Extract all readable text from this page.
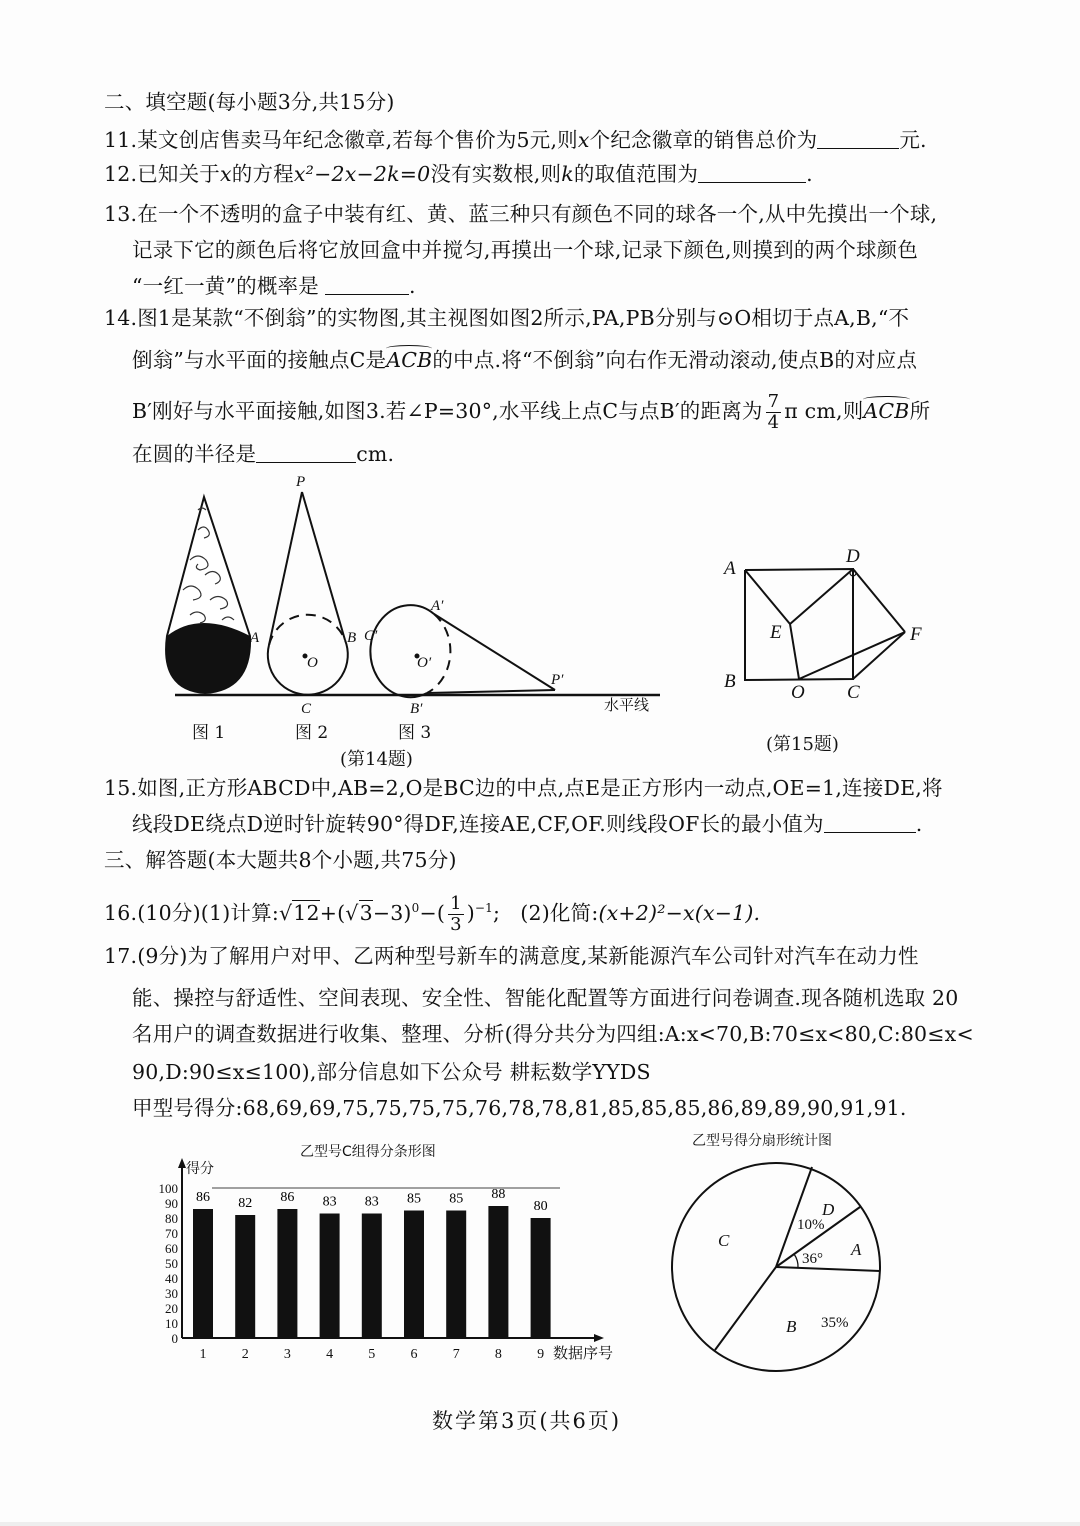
二、填空题(每小题3分,共15分)
11.某文创店售卖马年纪念徽章,若每个售价为5元,则x个纪念徽章的销售总价为	元.
12.已知关于x的方程x²−2x−2k=0没有实数根,则k的取值范围为	.
13.在一个不透明的盒子中装有红、黄、蓝三种只有颜色不同的球各一个,从中先摸出一个球,
记录下它的颜色后将它放回盒中并搅匀,再摸出一个球,记录下颜色,则摸到的两个球颜色
“一红一黄”的概率是	.
14.图1是某款“不倒翁”的实物图,其主视图如图2所示,PA,PB分别与⊙O相切于点A,B,“不
倒翁”与水平面的接触点C是ACB的中点.将“不倒翁”向右作无滑动滚动,使点B的对应点
B′刚好与水平面接触,如图3.若∠P=30°,水平线上点C与点B′的距离为 $\frac{7}{4}$ π cm,则ACB所
在圆的半径是	cm.
P
A	B
O
C
A′
C′
O′
P′
B′	水平线
图 1	图 2	图 3
(第14题)
A
B
D
E	F
O C
(第15题)
15.如图,正方形ABCD中,AB=2,O是BC边的中点,点E是正方形内一动点,OE=1,连接DE,将
线段DE绕点D逆时针旋转90°得DF,连接AE,CF,OF.则线段OF长的最小值为	.
三、解答题(本大题共8个小题,共75分)
16.(10分)(1)计算$:√12+(√3-3)^0-( \frac{1}{3} )^{-1}$; (2)化简:(x+2)²−x(x−1).
17.(9分)为了解用户对甲、乙两种型号新车的满意度,某新能源汽车公司针对汽车在动力性
能、操控与舒适性、空间表现、安全性、智能化配置等方面进行问卷调查.现各随机选取 20
名用户的调查数据进行收集、整理、分析(得分共分为四组:A:x<70,B:70≤x<80,C:80≤x<
90,D:90≤x≤100),部分信息如下公众号 耕耘数学YYDS
甲型号得分:68,69,69,75,75,75,75,76,78,78,81,85,85,85,86,89,89,90,91,91.
乙型号C组得分条形图
86 82 86 83 83 85 85 88
80
0
10
20
30
40
50
60
70
80
90
100
1	2	3	4	5	6	7	8	9
得分
数据序号
乙型号得分扇形统计图
C
D
10%
A
36°
B 35%
数学第3页(共6页)
